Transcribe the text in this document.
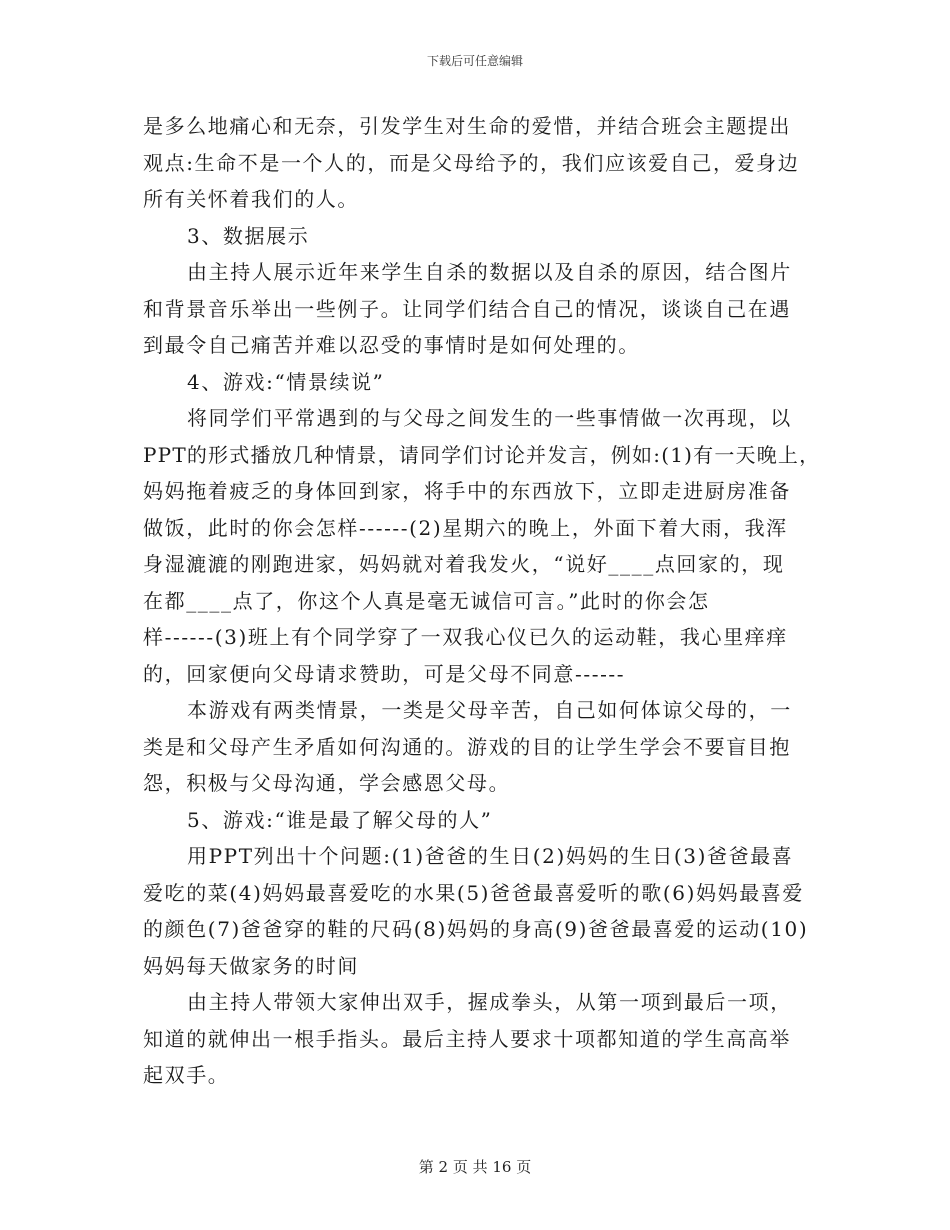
下载后可任意编辑
是多么地痛心和无奈，引发学生对生命的爱惜，并结合班会主题提出
观点:生命不是一个人的，而是父母给予的，我们应该爱自己，爱身边
所有关怀着我们的人。
3、数据展示
由主持人展示近年来学生自杀的数据以及自杀的原因，结合图片
和背景音乐举出一些例子。让同学们结合自己的情况，谈谈自己在遇
到最令自己痛苦并难以忍受的事情时是如何处理的。
4、游戏:“情景续说”
将同学们平常遇到的与父母之间发生的一些事情做一次再现，以
PPT的形式播放几种情景，请同学们讨论并发言，例如:(1)有一天晚上，
妈妈拖着疲乏的身体回到家，将手中的东西放下，立即走进厨房准备
做饭，此时的你会怎样------(2)星期六的晚上，外面下着大雨，我浑
身湿漉漉的刚跑进家，妈妈就对着我发火，“说好____点回家的，现
在都____点了，你这个人真是毫无诚信可言。”此时的你会怎
样------(3)班上有个同学穿了一双我心仪已久的运动鞋，我心里痒痒
的，回家便向父母请求赞助，可是父母不同意------
本游戏有两类情景，一类是父母辛苦，自己如何体谅父母的，一
类是和父母产生矛盾如何沟通的。游戏的目的让学生学会不要盲目抱
怨，积极与父母沟通，学会感恩父母。
5、游戏:“谁是最了解父母的人”
用PPT列出十个问题:(1)爸爸的生日(2)妈妈的生日(3)爸爸最喜
爱吃的菜(4)妈妈最喜爱吃的水果(5)爸爸最喜爱听的歌(6)妈妈最喜爱
的颜色(7)爸爸穿的鞋的尺码(8)妈妈的身高(9)爸爸最喜爱的运动(10)
妈妈每天做家务的时间
由主持人带领大家伸出双手，握成拳头，从第一项到最后一项，
知道的就伸出一根手指头。最后主持人要求十项都知道的学生高高举
起双手。
第 2 页 共 16 页
